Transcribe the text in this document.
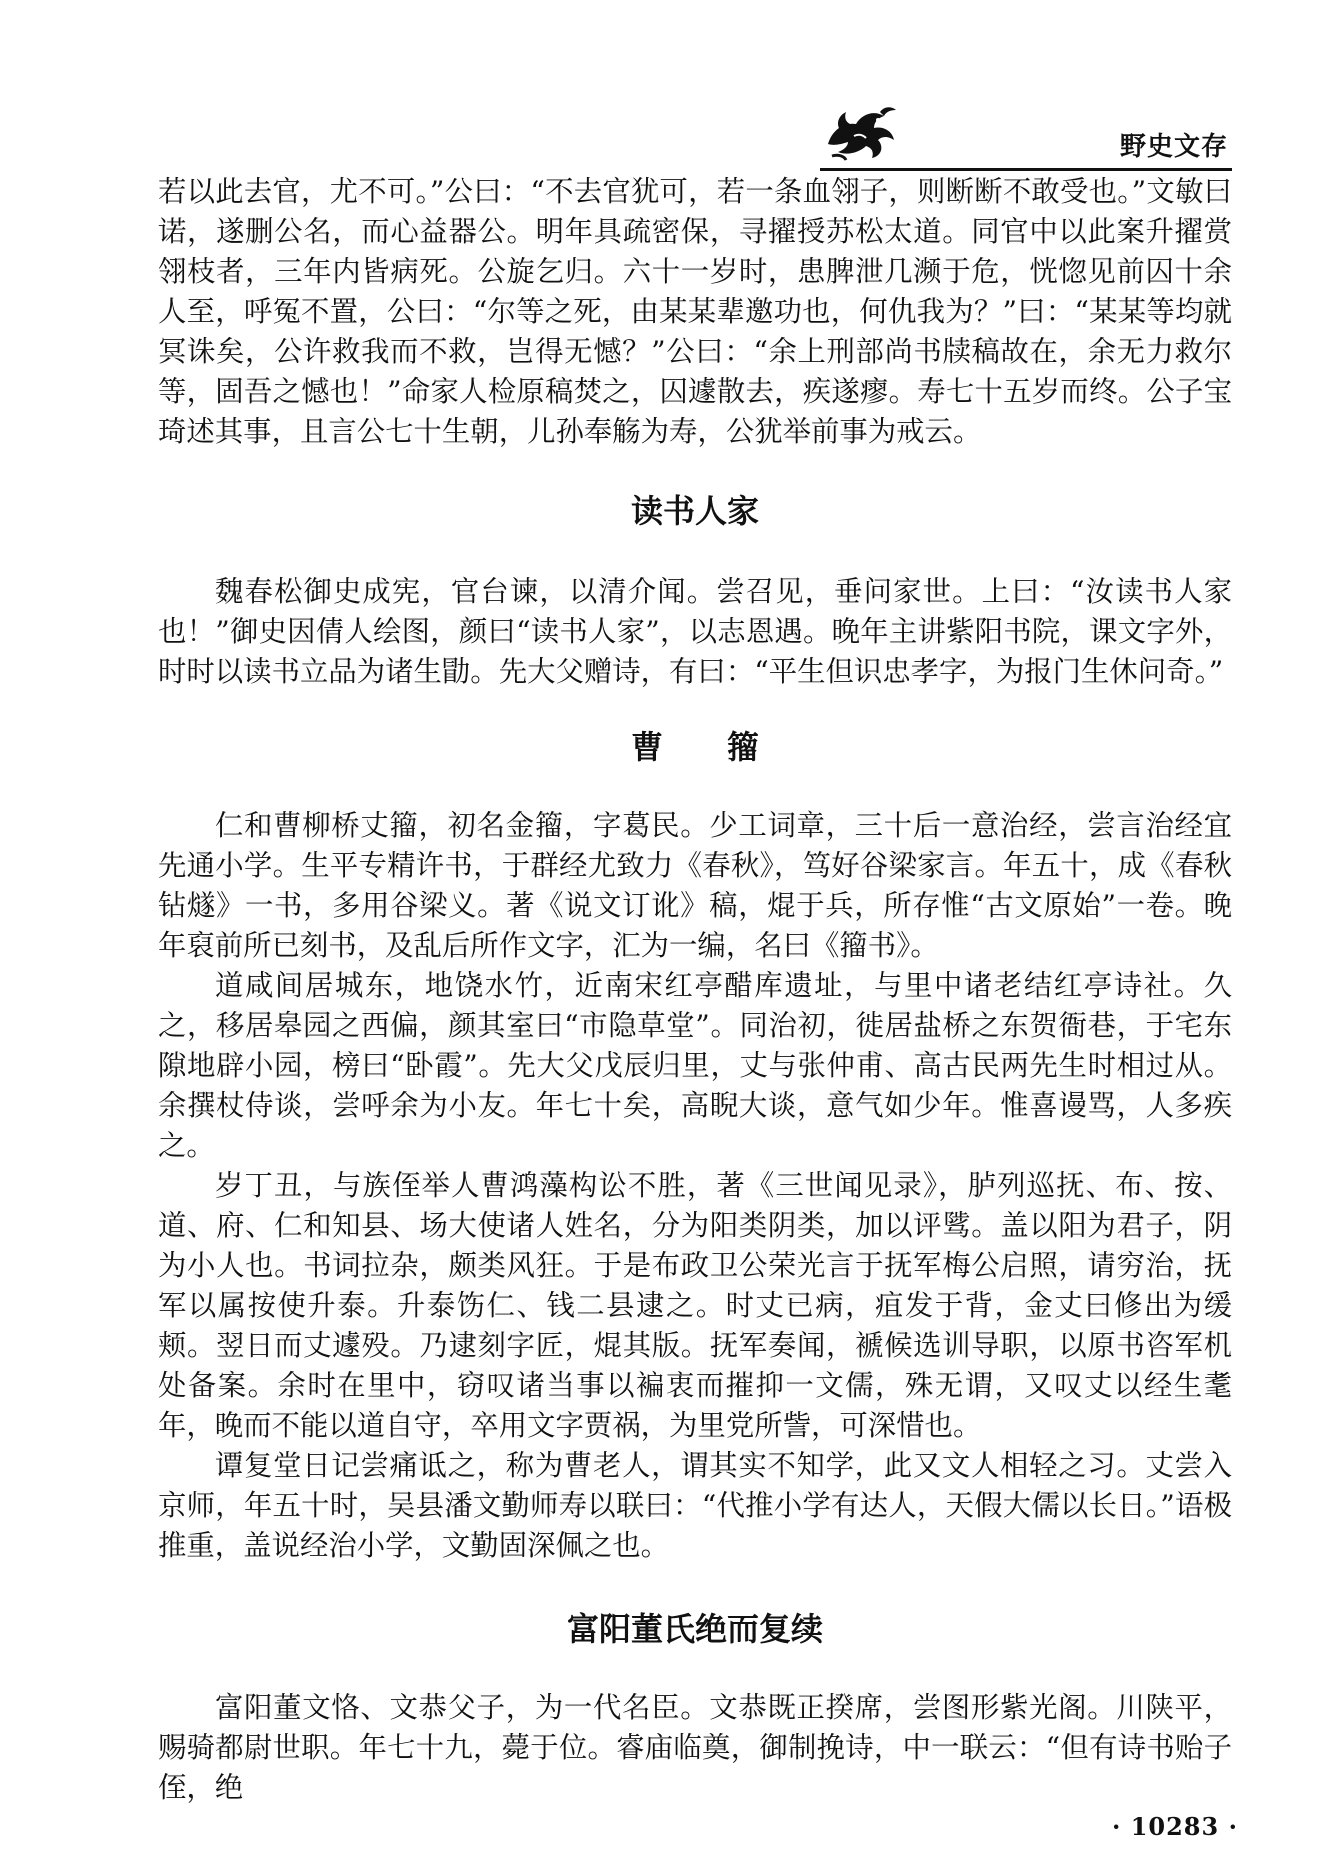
野史文存

若以此去官，尤不可。”公曰：“不去官犹可，若一条血翎子，则断断不敢受也。”文敏曰诺，遂删公名，而心益器公。明年具疏密保，寻擢授苏松太道。同官中以此案升擢赏翎枝者，三年内皆病死。公旋乞归。六十一岁时，患脾泄几濒于危，恍惚见前囚十余人至，呼冤不置，公曰：“尔等之死，由某某辈邀功也，何仇我为？”曰：“某某等均就冥诛矣，公许救我而不救，岂得无憾？”公曰：“余上刑部尚书牍稿故在，余无力救尔等，固吾之憾也！”命家人检原稿焚之，囚遽散去，疾遂瘳。寿七十五岁而终。公子宝琦述其事，且言公七十生朝，儿孙奉觞为寿，公犹举前事为戒云。

读书人家

魏春松御史成宪，官台谏，以清介闻。尝召见，垂问家世。上曰：“汝读书人家也！”御史因倩人绘图，颜曰“读书人家”，以志恩遇。晚年主讲紫阳书院，课文字外，时时以读书立品为诸生勖。先大父赠诗，有曰：“平生但识忠孝字，为报门生休问奇。”

曹 籀

仁和曹柳桥丈籀，初名金籀，字葛民。少工词章，三十后一意治经，尝言治经宜先通小学。生平专精许书，于群经尤致力《春秋》，笃好谷梁家言。年五十，成《春秋钻燧》一书，多用谷梁义。著《说文订讹》稿，焜于兵，所存惟“古文原始”一卷。晚年裒前所已刻书，及乱后所作文字，汇为一编，名曰《籀书》。

道咸间居城东，地饶水竹，近南宋红亭醋库遗址，与里中诸老结红亭诗社。久之，移居皋园之西偏，颜其室曰“市隐草堂”。同治初，徙居盐桥之东贺衙巷，于宅东隙地辟小园，榜曰“卧霞”。先大父戊辰归里，丈与张仲甫、高古民两先生时相过从。余撰杖侍谈，尝呼余为小友。年七十矣，高睨大谈，意气如少年。惟喜谩骂，人多疾之。

岁丁丑，与族侄举人曹鸿藻构讼不胜，著《三世闻见录》，胪列巡抚、布、按、道、府、仁和知县、场大使诸人姓名，分为阳类阴类，加以评骘。盖以阳为君子，阴为小人也。书词拉杂，颇类风狂。于是布政卫公荣光言于抚军梅公启照，请穷治，抚军以属按使升泰。升泰饬仁、钱二县逮之。时丈已病，疽发于背，金丈曰修出为缓颊。翌日而丈遽殁。乃逮刻字匠，焜其版。抚军奏闻，褫候选训导职，以原书咨军机处备案。余时在里中，窃叹诸当事以褊衷而摧抑一文儒，殊无谓，又叹丈以经生耄年，晚而不能以道自守，卒用文字贾祸，为里党所訾，可深惜也。

谭复堂日记尝痛诋之，称为曹老人，谓其实不知学，此又文人相轻之习。丈尝入京师，年五十时，吴县潘文勤师寿以联曰：“代推小学有达人，天假大儒以长日。”语极推重，盖说经治小学，文勤固深佩之也。

富阳董氏绝而复续

富阳董文恪、文恭父子，为一代名臣。文恭既正揆席，尝图形紫光阁。川陕平，赐骑都尉世职。年七十九，薨于位。睿庙临奠，御制挽诗，中一联云：“但有诗书贻子侄，绝

· 10283 ·
